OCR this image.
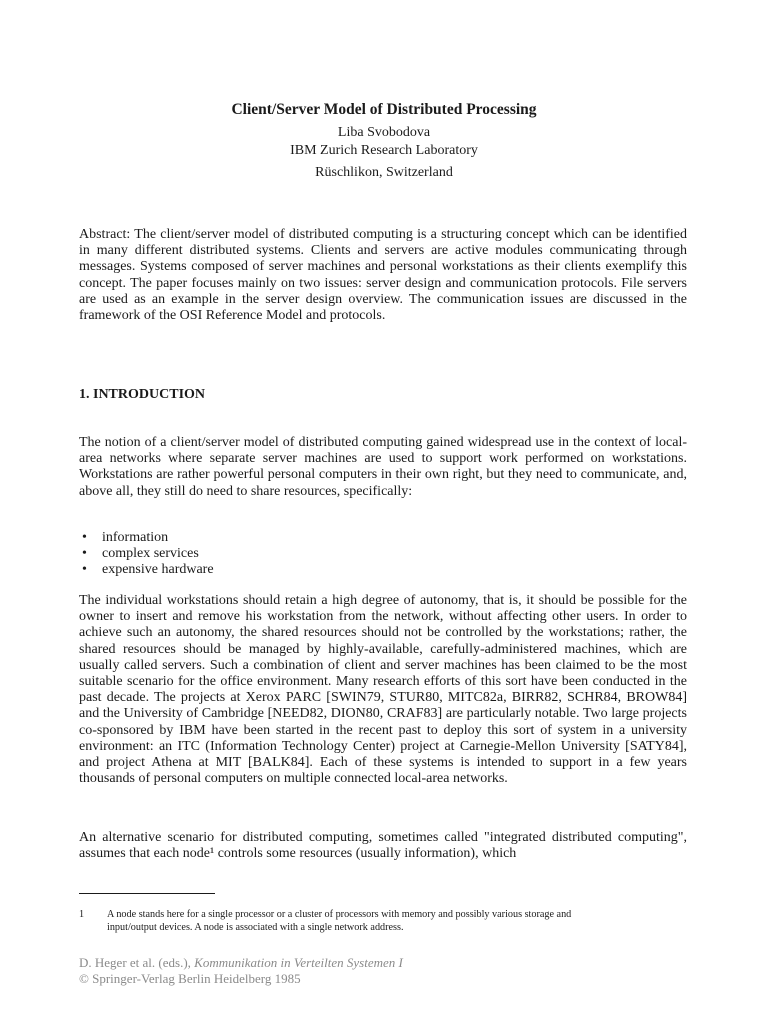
Client/Server Model of Distributed Processing
Liba Svobodova
IBM Zurich Research Laboratory
Rüschlikon, Switzerland

Abstract: The client/server model of distributed computing is a structuring concept which can be identified in many different distributed systems. Clients and servers are active modules communicating through messages. Systems composed of server machines and personal workstations as their clients exemplify this concept. The paper focuses mainly on two issues: server design and communication protocols. File servers are used as an example in the server design overview. The communication issues are discussed in the framework of the OSI Reference Model and protocols.

1. INTRODUCTION

The notion of a client/server model of distributed computing gained widespread use in the context of local-area networks where separate server machines are used to support work performed on workstations. Workstations are rather powerful personal computers in their own right, but they need to communicate, and, above all, they still do need to share resources, specifically:

• information
• complex services
• expensive hardware

The individual workstations should retain a high degree of autonomy, that is, it should be possible for the owner to insert and remove his workstation from the network, without affecting other users. In order to achieve such an autonomy, the shared resources should not be controlled by the workstations; rather, the shared resources should be managed by highly-available, carefully-administered machines, which are usually called servers. Such a combination of client and server machines has been claimed to be the most suitable scenario for the office environment. Many research efforts of this sort have been conducted in the past decade. The projects at Xerox PARC [SWIN79, STUR80, MITC82a, BIRR82, SCHR84, BROW84] and the University of Cambridge [NEED82, DION80, CRAF83] are particularly notable. Two large projects co-sponsored by IBM have been started in the recent past to deploy this sort of system in a university environment: an ITC (Information Technology Center) project at Carnegie-Mellon University [SATY84], and project Athena at MIT [BALK84]. Each of these systems is intended to support in a few years thousands of personal computers on multiple connected local-area networks.

An alternative scenario for distributed computing, sometimes called "integrated distributed computing", assumes that each node¹ controls some resources (usually information), which

1 A node stands here for a single processor or a cluster of processors with memory and possibly various storage and
input/output devices. A node is associated with a single network address.

D. Heger et al. (eds.), Kommunikation in Verteilten Systemen I
© Springer-Verlag Berlin Heidelberg 1985
